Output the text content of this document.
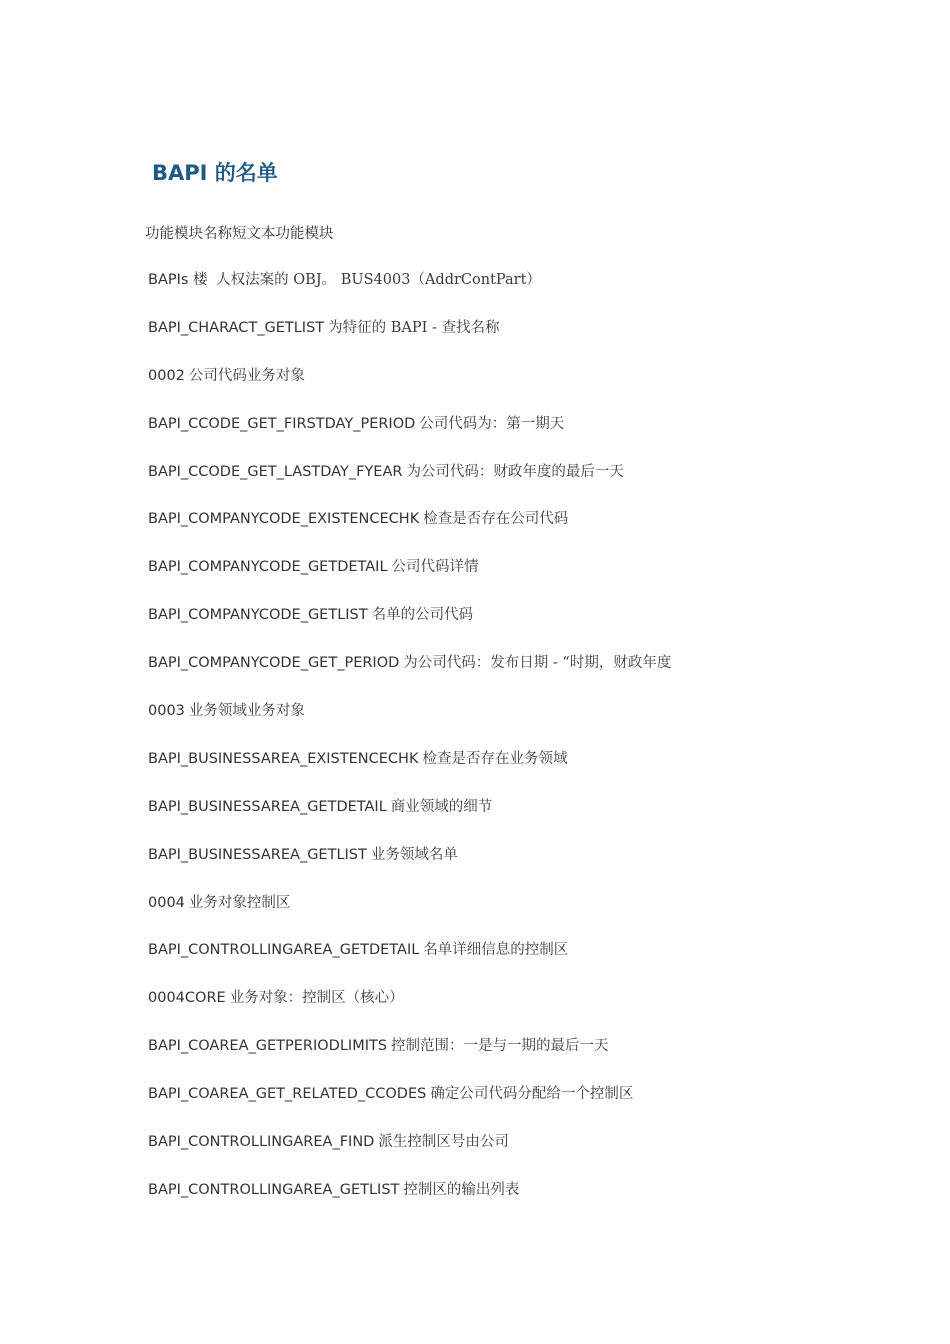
BAPI 的名单
功能模块名称短文本功能模块
BAPIs 楼 人权法案的 OBJ。 BUS4003（AddrContPart）
BAPI_CHARACT_GETLIST 为特征的 BAPI - 查找名称
0002 公司代码业务对象
BAPI_CCODE_GET_FIRSTDAY_PERIOD 公司代码为：第一期天
BAPI_CCODE_GET_LASTDAY_FYEAR 为公司代码：财政年度的最后一天
BAPI_COMPANYCODE_EXISTENCECHK 检查是否存在公司代码
BAPI_COMPANYCODE_GETDETAIL 公司代码详情
BAPI_COMPANYCODE_GETLIST 名单的公司代码
BAPI_COMPANYCODE_GET_PERIOD 为公司代码：发布日期 - “时期，财政年度
0003 业务领域业务对象
BAPI_BUSINESSAREA_EXISTENCECHK 检查是否存在业务领域
BAPI_BUSINESSAREA_GETDETAIL 商业领域的细节
BAPI_BUSINESSAREA_GETLIST 业务领域名单
0004 业务对象控制区
BAPI_CONTROLLINGAREA_GETDETAIL 名单详细信息的控制区
0004CORE 业务对象：控制区（核心）
BAPI_COAREA_GETPERIODLIMITS 控制范围：一是与一期的最后一天
BAPI_COAREA_GET_RELATED_CCODES 确定公司代码分配给一个控制区
BAPI_CONTROLLINGAREA_FIND 派生控制区号由公司
BAPI_CONTROLLINGAREA_GETLIST 控制区的输出列表
